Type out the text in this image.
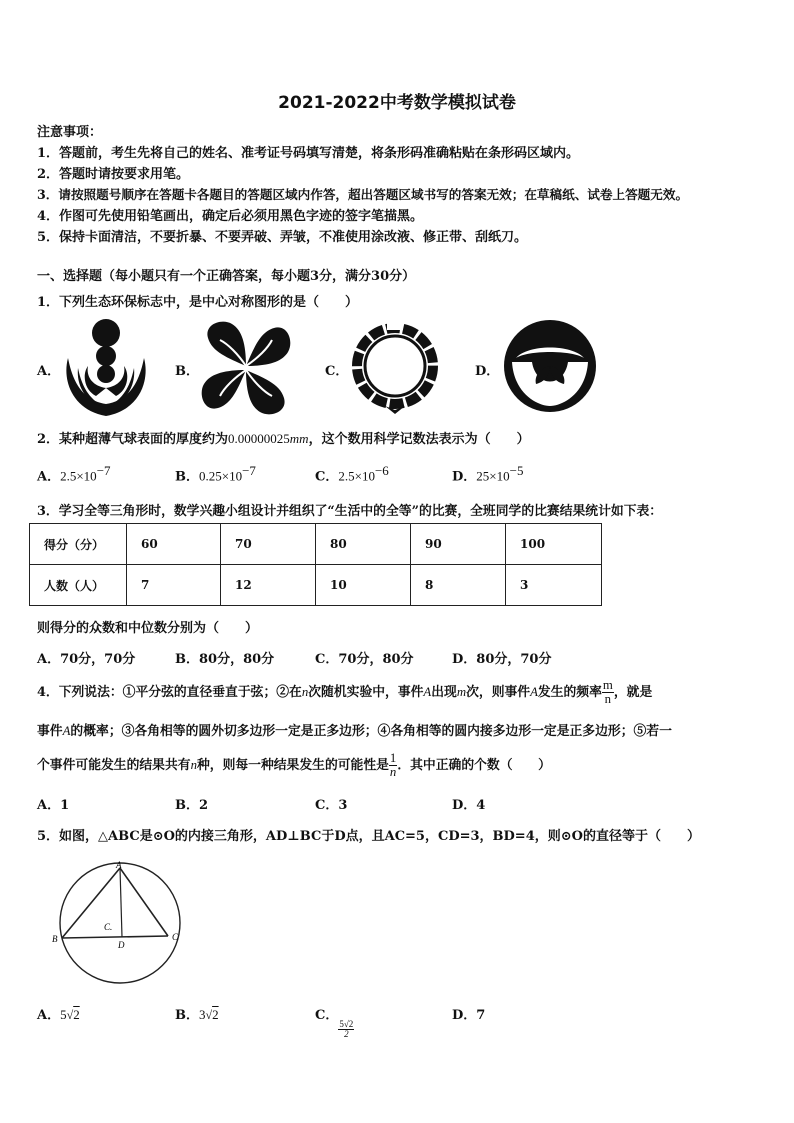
2021-2022中考数学模拟试卷
注意事项：
1．答题前，考生先将自己的姓名、准考证号码填写清楚，将条形码准确粘贴在条形码区域内。
2．答题时请按要求用笔。
3．请按照题号顺序在答题卡各题目的答题区域内作答，超出答题区域书写的答案无效；在草稿纸、试卷上答题无效。
4．作图可先使用铅笔画出，确定后必须用黑色字迹的签字笔描黑。
5．保持卡面清洁，不要折暴、不要弄破、弄皱，不准使用涂改液、修正带、刮纸刀。
一、选择题（每小题只有一个正确答案，每小题3分，满分30分）
1．下列生态环保标志中，是中心对称图形的是（　　）
A．	B．	C．	D．
2．某种超薄气球表面的厚度约为0.00000025mm，这个数用科学记数法表示为（　　）
A．$2.5\times 10^{-7}$	B．$0.25\times 10^{-7}$	C．$2.5\times 10^{-6}$	D．$25\times 10^{-5}$
3．学习全等三角形时，数学兴趣小组设计并组织了“生活中的全等”的比赛，全班同学的比赛结果统计如下表：
得分（分）	60	70	80	90	100
人数（人）	7	12	10	8	3
则得分的众数和中位数分别为（　　）
A．70分，70分	B．80分，80分	C．70分，80分	D．80分，70分
4．下列说法：①平分弦的直径垂直于弦；②在n次随机实验中，事件A出现m次，则事件A发生的频率 $\frac{m}{n}$ ，就是
事件A的概率；③各角相等的圆外切多边形一定是正多边形；④各角相等的圆内接多边形一定是正多边形；⑤若一
个事件可能发生的结果共有n种，则每一种结果发生的可能性是 $\frac{1}{n}$ ．其中正确的个数（　　）
A．1	B．2	C．3	D．4
5．如图，△ABC是⊙O的内接三角形，AD⊥BC于D点，且AC=5，CD=3，BD=4，则⊙O的直径等于（　　）
A
B	C
D
C.
A．5√2	B．3√2	C．
$\frac{5√2}{2}$
D．7
